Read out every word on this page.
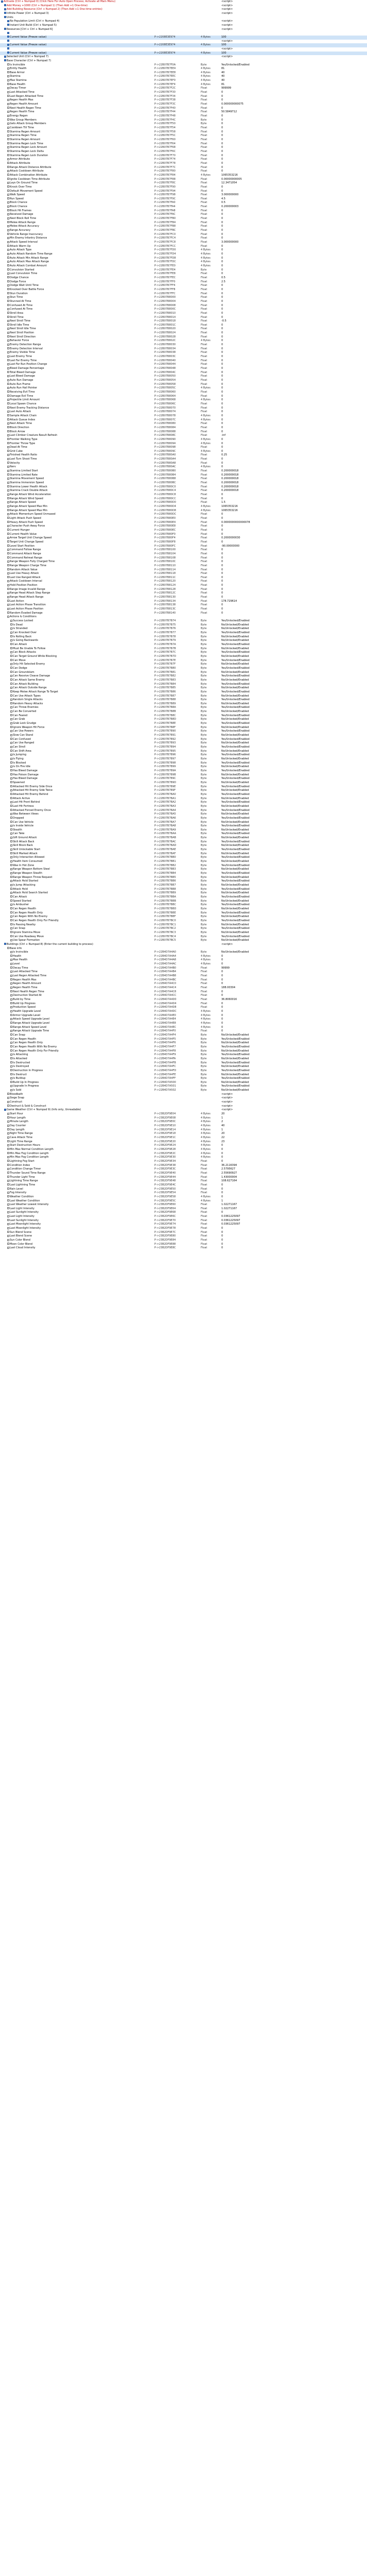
Activate (Ctrl + Numpad 0) (Click Here For Auto Open Process; Activate all Main Menu)	<script>
Add Money +1000 (Ctrl + Numpad 1) (Then Add +1 One-time)	<script>
Add Building Resource (Ctrl + Numpad 2) (Then Add +1 One-time entries)	<script>
Infinite Power (Ctrl + Numpad 3)	<script>
Units
No Population Limit (Ctrl + Numpad 4)	<script>
Instant Unit Build (Ctrl + Numpad 5)	<script>
Resources [Ctrl + Ctrl + Numpad 6]	<script>
Current Value (Freeze value)	P->2208E3E974	4 Bytes	100
<script>
Current Value (Freeze value)	P->2208E3E974	4 Bytes	100
<script>
Current Value (Freeze value)	P->2208E3E974	4 Bytes	100
Selected Unit (Ctrl + Numpad 7)	<script>
Base Character (Ctrl + Numpad 7)
Is Invincible	P->22B07B7F0A	Byte	Yes/Unlocked/Enabled
Entity Health	P->22B07B7EE4	4 Bytes	81
Base Armor	P->22B07B7EE8	4 Bytes	40
Stamina	P->22B07B7EEC	4 Bytes	40
Max Stamina	P->22B07B7EF0	4 Bytes	40
Base Health	P->22B07B7EF4	4 Bytes	81
Decay Timer	P->22B07B7F2C	Float	999999
Last Attacked Time	P->22B07B7F30	Float	0
Last Regen Attacked Time	P->22B07B7F34	Float	0
Regen Health Max	P->22B07B7F38	Float	0
Regen Health Amount	P->22B07B7F3C	Float	0.000000000075
Next Health Regen Time	P->22B07B7F40	Float	0
Regen Health Time	P->22B07B7F44	Float	50.5849712
Energy Regen	P->22B07B7F48	Float	0
Was Group Members	P->22B07B7F4C	Byte	0
Gets Attack Group Members	P->22B07B7F50	Byte	0
Cooldown Till Time	P->22B07B7F54	Float	0
Stamina Regen Amount	P->22B07B7F58	Float	0
Stamina Regen Time	P->22B07B7F5C	Float	0
Stamina Regen Amount	P->22B07B7F60	Float	0
Stamina Regen Lock Time	P->22B07B7F64	Float	0
Stamina Regen Lock Amount	P->22B07B7F68	Float	0
Stamina Regen Lock Delta	P->22B07B7F6C	Float	0
Stamina Regen Lock Duration	P->22B07B7F70	Float	0
Armor Attribute	P->22B07B7F74	Float	0
Attack Attribute	P->22B07B7F78	Float	0
Range Attack Distance Attribute	P->22B07B7F7C	Float	0
Attack Cooldown Attribute	P->22B07B7F80	Float	0
Attack Combination Attribute	P->22B07B7F84	4 Bytes	1065353216
Ignite Cooldown Time Attribute	P->22B07B7F88	Float	0.00000000005
Lays On Ground Time	P->22B07B7F8C	Float	12.3471054
Knock Over Time	P->22B07B7F90	Float	0
Default Movement Speed	P->22B07B7F94	Float	0
Walk Speed	P->22B07B7F98	Float	3.000000000
Run Speed	P->22B07B7F9C	Float	4.5
Block Chance	P->22B07B7FA0	Float	0.5
Block Chance	P->22B07B7FA4	Float	0.200000003
Block Hit Frames	P->22B07B7FA8	Float	0
Received Damage	P->22B07B7FAC	Float	0
Next Block Roll Time	P->22B07B7FB0	Float	0
Melee Attack Range	P->22B07B7FB4	Float	0
Melee Attack Accuracy	P->22B07B7FB8	Float	0
Range Accuracy	P->22B07B7FBC	Float	0
Vehicle Range Inaccuracy	P->22B07B7FC0	Float	0
Min Enemy Infantry Distance	P->22B07B7FC4	Float	0
Attack Speed Interval	P->22B07B7FC8	Float	3.000000000
Attack Warm Up	P->22B07B7FCC	Float	0
Auto Attack Type	P->22B07B7FD0	4 Bytes	0
Auto Attack Random Time Range	P->22B07B7FD4	4 Bytes	0
Auto Attack Min Attack Range	P->22B07B7FD8	4 Bytes	0
Auto Attack Max Attack Range	P->22B07B7FDC	4 Bytes	0
Auto Attack Combat Amount	P->22B07B7FE0	4 Bytes	0
Convulsion Started	P->22B07B7FE4	Byte	0
Last Convulsion Time	P->22B07B7FE8	Float	0
Dodge Chance	P->22B07B7FEC	Float	0.5
Dodge Force	P->22B07B7FF0	Float	2.5
Dodge Wait Until Time	P->22B07B7FF4	Float	0
Knocked Over Battle Force	P->22B07B7FF8	Float	0
Stun Duration	P->22B07B7FFC	Float	0
Stun Time	P->22B07B8000	Float	0
Stunned At Time	P->22B07B8004	Float	0
Confused At Time	P->22B07B8008	Float	0
Confused At Time	P->22B07B800C	Float	0
Stroll Area	P->22B07B8010	Float	0
Stroll Time	P->22B07B8014	Float	0
Next Stroll Time	P->22B07B8018	Float	-0.5
Stroll Idle Time	P->22B07B801C	Float	0
Next Stroll Idle Time	P->22B07B8020	Float	0
Next Stroll Position	P->22B07B8024	Float	0
Next Stroll Direction	P->22B07B8028	Float	0
Behavior Force	P->22B07B802C	4 Bytes	0
Enemy Detection Range	P->22B07B8030	Float	0
Enemy Detection Interval	P->22B07B8034	Float	0
Enemy Visible Time	P->22B07B8038	Float	0
Last Enemy Time	P->22B07B803C	Float	0
Last Far Enemy Time	P->22B07B8040	Float	0
Last Far Run Position Change	P->22B07B8044	Float	0
Bleed Damage Percentage	P->22B07B8048	Float	0
Total Bleed Damage	P->22B07B804C	Float	0
Last Bleed Damage	P->22B07B8050	Float	0
Auto Run Damage	P->22B07B8054	Float	0
Auto Run Frame	P->22B07B8058	Float	0
Auto Run Hall Pointer	P->22B07B805C	4 Bytes	0
Receiving Evil Time	P->22B07B8060	Float	0
Damage Evil Time	P->22B07B8064	Float	0
Projectile Limit Amount	P->22B07B8068	4 Bytes	0
Local Spawn Chance	P->22B07B806C	Float	0
Next Enemy Tracking Distance	P->22B07B8070	Float	0
Last Auto Attack	P->22B07B8074	Float	0
Sample Attack Chain	P->22B07B8078	4 Bytes	0
Attack Queue Index	P->22B07B807C	4 Bytes	0
Next Attack Time	P->22B07B8080	Float	0
Block Direction	P->22B07B8084	Float	0
Block Arrow	P->22B07B8088	Float	0
Last Climber Creature Result Refresh	P->22B07B808C	Float	-inf
Frontier Walking Type	P->22B07B8090	4 Bytes	0
Frontier Throw Type	P->22B07B8094	4 Bytes	0
Dead At Time	P->22B07B8098	Float	0
Grid Cube	P->22B07B809C	4 Bytes	0
Finished Health Ratio	P->22B07B80A0	Float	0.25
Last Turn Shoot Time	P->22B07B80A4	Float	0
Velocity	P->22B07B80A8	Float	0
Nerv	P->22B07B80AC	4 Bytes	0
Stamina Limited Start	P->22B07B80B0	Float	0.200000018
Stamina Limited Rate	P->22B07B80B4	Float	0.200000018
Stamina Movement Speed	P->22B07B80B8	Float	0.200000018
Stamina Immersion Speed	P->22B07B80BC	Float	0.200000018
Stamina Lower Health Attack	P->22B07B80C0	Float	0.200000018
Stamina Crack Double Attack	P->22B07B80C4	Float	0.200000018
Range Attack Wind Acceleration	P->22B07B80C8	Float	0
Range Attack Wind Speed	P->22B07B80CC	Float	0
Range Attack Speed	P->22B07B80D0	Float	1.5
Range Attack Speed Max Min	P->22B07B80D4	4 Bytes	1065353216
Range Attack Speed Max Min	P->22B07B80D8	4 Bytes	1065353216
Attack Momentum Speed Unmaxed	P->22B07B80DC	Float	0
Light Attack Push Speed	P->22B07B80E0	Float	0
Heavy Attack Push Speed	P->22B07B80E4	Float	0.0000000000000078
Character Push Away Force	P->22B07B80E8	Float	0
Current Hunger	P->22B07B80EC	Float	0
Current Health Value	P->22B07B80F0	Float	0
Arrow Target Unit Change Speed	P->22B07B80F4	Float	0.2000000030
Target Unit Change Speed	P->22B07B80F8	Float	0
Level Start Position	P->22B07B80FC	Float	-90.00000000
Command Follow Range	P->22B07B8100	Float	0
Command Attack Range	P->22B07B8104	Float	0
Command Retreat Range	P->22B07B8108	Float	0
Range Weapon Fully Charged Time	P->22B07B810C	Float	0
Range Weapon Charge Time	P->22B07B8110	Float	0
Random Attack Value	P->22B07B8114	Float	0
Last Use Heavy Attack	P->22B07B8118	Float	0
Last Use Ranged Attack	P->22B07B811C	Float	0
Attack Cooldown Interval	P->22B07B8120	Float	0
Hold Position Position	P->22B07B8124	Float	0
Range Image Invalid Range	P->22B07B8128	Float	0
Range Head Attack Step Range	P->22B07B812C	Float	0
Range Head Attack Range	P->22B07B8130	Float	0
Last Action	P->22B07B8134	Float	178.729614
Last Action Phase Transition	P->22B07B8138	Float	0
Last Action Phase Position	P->22B07B813C	Float	0
Random Evaded Damage	P->22B07B8140	Float	0
Actions & Conditions
Success Locked	P->22B07B7B74	Byte	Yes/Unlocked/Enabled
Is Dead	P->22B07B7B75	Byte	No/Unlocked/Enabled
Is Stranded	P->22B07B7B76	Byte	No/Unlocked/Enabled
Can Knocked Over	P->22B07B7B77	Byte	Yes/Unlocked/Enabled
Is Rolling Back	P->22B07B7B78	Byte	No/Unlocked/Enabled
Is Going Backwards	P->22B07B7B79	Byte	No/Unlocked/Enabled
Can Attack	P->22B07B7B7A	Byte	Yes/Unlocked/Enabled
Must Be Unable To Follow	P->22B07B7B7B	Byte	No/Unlocked/Enabled
Can Block Attacks	P->22B07B7B7C	Byte	Yes/Unlocked/Enabled
Can Target Ground While Blocking	P->22B07B7B7D	Byte	No/Unlocked/Enabled
Can Move	P->22B07B7B7E	Byte	Yes/Unlocked/Enabled
Only Hit Selected Enemy	P->22B07B7B7F	Byte	No/Unlocked/Enabled
Can Dodge	P->22B07B7B80	Byte	Yes/Unlocked/Enabled
Can Groundslam	P->22B07B7B81	Byte	No/Unlocked/Enabled
Can Receive Cleave Damage	P->22B07B7B82	Byte	Yes/Unlocked/Enabled
Can Attack Same Enemy	P->22B07B7B83	Byte	No/Unlocked/Enabled
Can Attack Building	P->22B07B7B84	Byte	Yes/Unlocked/Enabled
Can Attack Outside Range	P->22B07B7B85	Byte	No/Unlocked/Enabled
Keep Melee Attack Range To Target	P->22B07B7B86	Byte	Yes/Unlocked/Enabled
Can Use Attack Types	P->22B07B7B87	Byte	No/Unlocked/Enabled
Random Single Attacks	P->22B07B7B88	Byte	Yes/Unlocked/Enabled
Random Heavy Attacks	P->22B07B7B89	Byte	No/Unlocked/Enabled
Can Throw Enemies	P->22B07B7B8A	Byte	Yes/Unlocked/Enabled
Can Be Converted	P->22B07B7B8B	Byte	No/Unlocked/Enabled
Can Feared	P->22B07B7B8C	Byte	Yes/Unlocked/Enabled
Can Grab	P->22B07B7B8D	Byte	No/Unlocked/Enabled
Grab Lock Grudge	P->22B07B7B8E	Byte	Yes/Unlocked/Enabled
Ignore Weapon Hit Force	P->22B07B7B8F	Byte	No/Unlocked/Enabled
Can Use Powers	P->22B07B7B90	Byte	Yes/Unlocked/Enabled
Slow Can Stand	P->22B07B7B91	Byte	No/Unlocked/Enabled
Can Confused	P->22B07B7B92	Byte	Yes/Unlocked/Enabled
Can Use Ranged	P->22B07B7B93	Byte	No/Unlocked/Enabled
Can Stroll	P->22B07B7B94	Byte	Yes/Unlocked/Enabled
Can Shift Area	P->22B07B7B95	Byte	No/Unlocked/Enabled
Is Jumping	P->22B07B7B96	Byte	Yes/Unlocked/Enabled
Is Flying	P->22B07B7B97	Byte	No/Unlocked/Enabled
Is Blocked	P->22B07B7B98	Byte	Yes/Unlocked/Enabled
Is On Fire Idle	P->22B07B7B99	Byte	No/Unlocked/Enabled
Has Bleed Damage	P->22B07B7B9A	Byte	Yes/Unlocked/Enabled
Has Poison Damage	P->22B07B7B9B	Byte	No/Unlocked/Enabled
Has Bleed Damage	P->22B07B7B9C	Byte	Yes/Unlocked/Enabled
Spawned	P->22B07B7B9D	Byte	No/Unlocked/Enabled
Attacked Hit Enemy Side Once	P->22B07B7B9E	Byte	Yes/Unlocked/Enabled
Attacked Hit Enemy Side Twice	P->22B07B7B9F	Byte	No/Unlocked/Enabled
Attacked Hit Enemy Behind	P->22B07B7BA0	Byte	Yes/Unlocked/Enabled
Attack Active	P->22B07B7BA1	Byte	No/Unlocked/Enabled
Last Hit Front Behind	P->22B07B7BA2	Byte	Yes/Unlocked/Enabled
Last Hit Fortress	P->22B07B7BA3	Byte	No/Unlocked/Enabled
Attacked Forced Enemy Once	P->22B07B7BA4	Byte	Yes/Unlocked/Enabled
Was Between Views	P->22B07B7BA5	Byte	No/Unlocked/Enabled
Dropped	P->22B07B7BA6	Byte	Yes/Unlocked/Enabled
Can Use Vehicle	P->22B07B7BA7	Byte	No/Unlocked/Enabled
Is Inside Vehicle	P->22B07B7BA8	Byte	Yes/Unlocked/Enabled
Stealth	P->22B07B7BA9	Byte	No/Unlocked/Enabled
Can Take	P->22B07B7BAA	Byte	Yes/Unlocked/Enabled
Gift Ground Attack	P->22B07B7BAB	Byte	No/Unlocked/Enabled
Skill Attack Back	P->22B07B7BAC	Byte	Yes/Unlocked/Enabled
Skill Block Back	P->22B07B7BAD	Byte	No/Unlocked/Enabled
Skill Unlockable Start	P->22B07B7BAE	Byte	Yes/Unlocked/Enabled
Skill Marked Attack	P->22B07B7BAF	Byte	No/Unlocked/Enabled
Only Interaction Allowed	P->22B07B7BB0	Byte	Yes/Unlocked/Enabled
Health Item Consumed	P->22B07B7BB1	Byte	No/Unlocked/Enabled
Was In Hot Zone	P->22B07B7BB2	Byte	Yes/Unlocked/Enabled
Range Weapon Bottom Steel	P->22B07B7BB3	Byte	No/Unlocked/Enabled
Range Weapon Stealth	P->22B07B7BB4	Byte	Yes/Unlocked/Enabled
Range Weapon Throw Request	P->22B07B7BB5	Byte	No/Unlocked/Enabled
Attack Hold Started	P->22B07B7BB6	Byte	Yes/Unlocked/Enabled
Is Jump Attacking	P->22B07B7BB7	Byte	No/Unlocked/Enabled
Attack Hold	P->22B07B7BB8	Byte	Yes/Unlocked/Enabled
Attack Hold Search Started	P->22B07B7BB9	Byte	No/Unlocked/Enabled
Can Attack	P->22B07B7BBA	Byte	Yes/Unlocked/Enabled
Speed Started	P->22B07B7BBB	Byte	No/Unlocked/Enabled
Is Ambusher	P->22B07B7BBC	Byte	Yes/Unlocked/Enabled
Can Regen Health	P->22B07B7BBD	Byte	No/Unlocked/Enabled
Can Regen Health Only	P->22B07B7BBE	Byte	Yes/Unlocked/Enabled
Can Regen With No Enemy	P->22B07B7BBF	Byte	No/Unlocked/Enabled
Can Regen Health Only For Friendly	P->22B07B7BC0	Byte	Yes/Unlocked/Enabled
Is Passing Nearby	P->22B07B7BC1	Byte	No/Unlocked/Enabled
Can Snap	P->22B07B7BC2	Byte	Yes/Unlocked/Enabled
Ignore Stamina Move	P->22B07B7BC3	Byte	No/Unlocked/Enabled
Can Use Roadway Move	P->22B07B7BC4	Byte	Yes/Unlocked/Enabled
Use Spear Formation	P->22B07B7BC5	Byte	No/Unlocked/Enabled
Buildings (Ctrl + Numpad 8) (Enter the current building to process)	<script>
Base info
Is Invincible	P->22B4D7A4A0	Byte	No/Unlocked/Enabled
Health	P->22B4D7A4A4	4 Bytes	0
Max Health	P->22B4D7A4A8	4 Bytes	0
Level	P->22B4D7A4AC	4 Bytes	0
Decay Time	P->22B4D7A4B0	Float	99999
Last Attacked Time	P->22B4D7A4B4	Float	0
Last Regen Attacked Time	P->22B4D7A4B8	Float	0
Regen Health Max	P->22B4D7A4BC	Float	0
Regen Health Amount	P->22B4D7A4C0	Float	0
Regen Health Time	P->22B4D7A4C4	Float	188.00304
Next Health Regen Time	P->22B4D7A4C8	Float	0
Destruction Started At	P->22B4D7A4CC	Float	0
Build by Time	P->22B4D7A4D0	Float	36.8060016
Build Up Progress	P->22B4D7A4D4	Float	0
Production Speed	P->22B4D7A4D8	Float	0
Health Upgrade Level	P->22B4D7A4DC	4 Bytes	0
Armor Upgrade Level	P->22B4D7A4E0	4 Bytes	0
Attack Speed Upgrade Level	P->22B4D7A4E4	4 Bytes	0
Range Attack Upgrade Level	P->22B4D7A4E8	4 Bytes	0
Range Attack Speed Level	P->22B4D7A4EC	4 Bytes	0
Range Attack Upgrade Time	P->22B4D7A4F0	Float	0
Can Snap	P->22B4D7A4F4	Byte	No/Unlocked/Enabled
Can Regen Health	P->22B4D7A4F5	Byte	Yes/Unlocked/Enabled
Can Regen Health Only	P->22B4D7A4F6	Byte	No/Unlocked/Enabled
Can Regen Health With No Enemy	P->22B4D7A4F7	Byte	Yes/Unlocked/Enabled
Can Regen Health Only For Friendly	P->22B4D7A4F8	Byte	No/Unlocked/Enabled
Is Attacking	P->22B4D7A4F9	Byte	Yes/Unlocked/Enabled
Is Attacked	P->22B4D7A4FA	Byte	No/Unlocked/Enabled
Is Destructed	P->22B4D7A4FB	Byte	Yes/Unlocked/Enabled
Is Destroyed	P->22B4D7A4FC	Byte	No/Unlocked/Enabled
Destruction In Progress	P->22B4D7A4FD	Byte	Yes/Unlocked/Enabled
Is Destruct	P->22B4D7A4FE	Byte	No/Unlocked/Enabled
Is Buildup	P->22B4D7A4FF	Byte	Yes/Unlocked/Enabled
Build Up In Progress	P->22B4D7A500	Byte	No/Unlocked/Enabled
Upgrade In Progress	P->22B4D7A501	Byte	Yes/Unlocked/Enabled
Is Sold	P->22B4D7A502	Byte	No/Unlocked/Enabled
Bloodbath	<script>
Siege Snap	<script>
Construct	<script>
Destruct & Sold & Construct	<script>
Game Weather (Ctrl + Numpad 9) (Info only, Unreadable)	<script>
Start Hour	P->23B2DF9E04	4 Bytes	20
Hour Length	P->23B2DF9E08	4 Bytes	1
Minute Length	P->23B2DF9E0C	4 Bytes	2
Day Counter	P->23B2DF9E10	4 Bytes	40
Day Length	P->23B2DF9E14	4 Bytes	1
Night Time Range	P->23B2DF9E18	4 Bytes	20
Cave Attack Time	P->23B2DF9E1C	4 Bytes	22
Light Time Range	P->23B2DF9E20	4 Bytes	23
Start Destruction Hours	P->23B2DF9E24	4 Bytes	0
Min Max Normal Condition Length	P->23B2DF9E28	4 Bytes	0
Min Max Fog Condition Length	P->23B2DF9E2C	4 Bytes	0
Min Max Fog Condition Length	P->23B2DF9E30	4 Bytes	0
Lightning Fog Start	P->23B2DF9E34	Float	0
Condition Index	P->23B2DF9E38	Float	36.2116394
Condition Change Timer	P->23B2DF9E3C	Float	2.5795627
Thunder Sound Time Range	P->23B2DF9E40	Float	2.55690927
Thunder Light Time	P->23B2DF9E44	Float	1.43000004
Lightning Time Range	P->23B2DF9E48	Float	108.627164
Last Lightning Time	P->23B2DF9E4C	Float	0
Rain Level	P->23B2DF9E50	Float	0
Fog Intensity	P->23B2DF9E54	Float	0
Weather Condition	P->23B2DF9E58	4 Bytes	0
Last Weather Condition	P->23B2DF9E5C	4 Bytes	1
Last Weather Lowest Intensity	P->23B2DF9E60	Float	1.02271167
Last Light Intensity	P->23B2DF9E64	Float	1.02271167
Last Sunlight Intensity	P->23B2DF9E68	Float	0
Last Light Intensity	P->23B2DF9E6C	Float	0.0361225097
Last Sunlight Intensity	P->23B2DF9E70	Float	0.0361225097
Last Moonlight Intensity	P->23B2DF9E74	Float	0.0361225097
Last Moonlight Intensity	P->23B2DF9E78	Float	0
Sun Blend Scene	P->23B2DF9E7C	Float	0
Last Blend Scene	P->23B2DF9E80	Float	0
Sun Color Blend	P->23B2DF9E84	Float	0
Moon Color Blend	P->23B2DF9E88	Float	0
Last Cloud Intensity	P->23B2DF9E8C	Float	0
